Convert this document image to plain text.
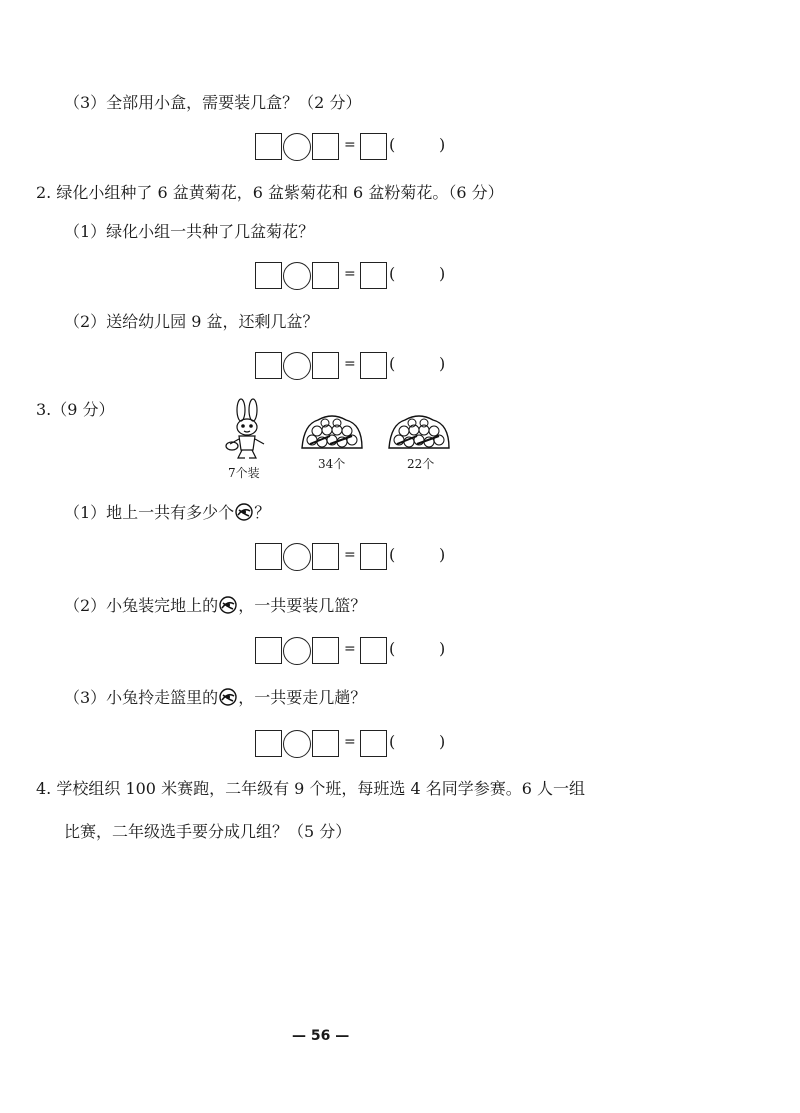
（3）全部用小盒，需要装几盒？（2 分）
= (	)
2. 绿化小组种了 6 盆黄菊花，6 盆紫菊花和 6 盆粉菊花。（6 分）
（1）绿化小组一共种了几盆菊花？
= (	)
（2）送给幼儿园 9 盆，还剩几盆？
= (	)
3.（9 分）
7个装
34个	22个
（1）地上一共有多少个 ？
= (	)
（2）小兔装完地上的 ，一共要装几篮？
= (	)
（3）小兔拎走篮里的 ，一共要走几趟？
= (	)
4. 学校组织 100 米赛跑，二年级有 9 个班，每班选 4 名同学参赛。6 人一组
比赛，二年级选手要分成几组？（5 分）
— 56 —
